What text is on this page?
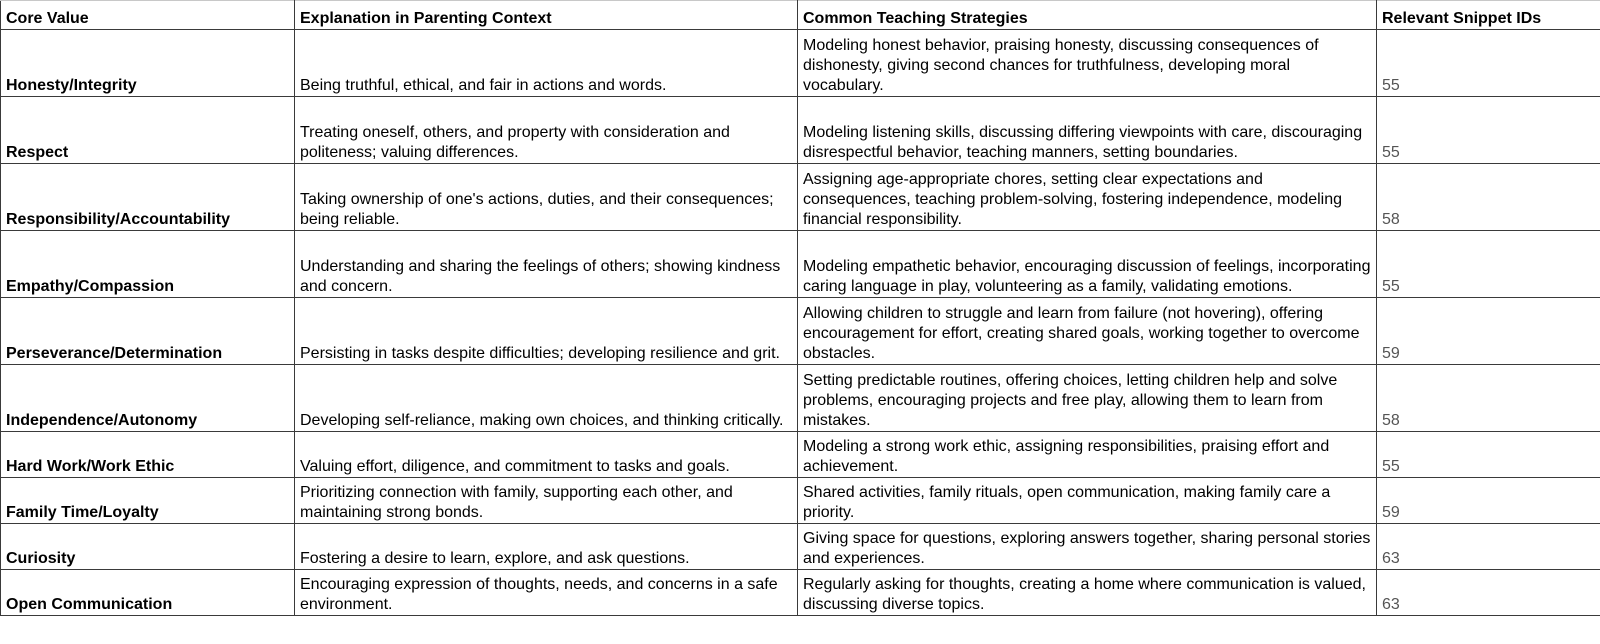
Core Value	Explanation in Parenting Context	Common Teaching Strategies	Relevant Snippet IDs
Honesty/Integrity	Being truthful, ethical, and fair in actions and words.	Modeling honest behavior, praising honesty, discussing consequences of dishonesty, giving second chances for truthfulness, developing moral vocabulary.	55
Respect	Treating oneself, others, and property with consideration and politeness; valuing differences.	Modeling listening skills, discussing differing viewpoints with care, discouraging disrespectful behavior, teaching manners, setting boundaries.	55
Responsibility/Accountability	Taking ownership of one's actions, duties, and their consequences; being reliable.	Assigning age-appropriate chores, setting clear expectations and consequences, teaching problem-solving, fostering independence, modeling financial responsibility.	58
Empathy/Compassion	Understanding and sharing the feelings of others; showing kindness and concern.	Modeling empathetic behavior, encouraging discussion of feelings, incorporating caring language in play, volunteering as a family, validating emotions.	55
Perseverance/Determination	Persisting in tasks despite difficulties; developing resilience and grit.	Allowing children to struggle and learn from failure (not hovering), offering encouragement for effort, creating shared goals, working together to overcome obstacles.	59
Independence/Autonomy	Developing self-reliance, making own choices, and thinking critically.	Setting predictable routines, offering choices, letting children help and solve problems, encouraging projects and free play, allowing them to learn from mistakes.	58
Hard Work/Work Ethic	Valuing effort, diligence, and commitment to tasks and goals.	Modeling a strong work ethic, assigning responsibilities, praising effort and achievement.	55
Family Time/Loyalty	Prioritizing connection with family, supporting each other, and maintaining strong bonds.	Shared activities, family rituals, open communication, making family care a priority.	59
Curiosity	Fostering a desire to learn, explore, and ask questions.	Giving space for questions, exploring answers together, sharing personal stories and experiences.	63
Open Communication	Encouraging expression of thoughts, needs, and concerns in a safe environment.	Regularly asking for thoughts, creating a home where communication is valued, discussing diverse topics.	63
